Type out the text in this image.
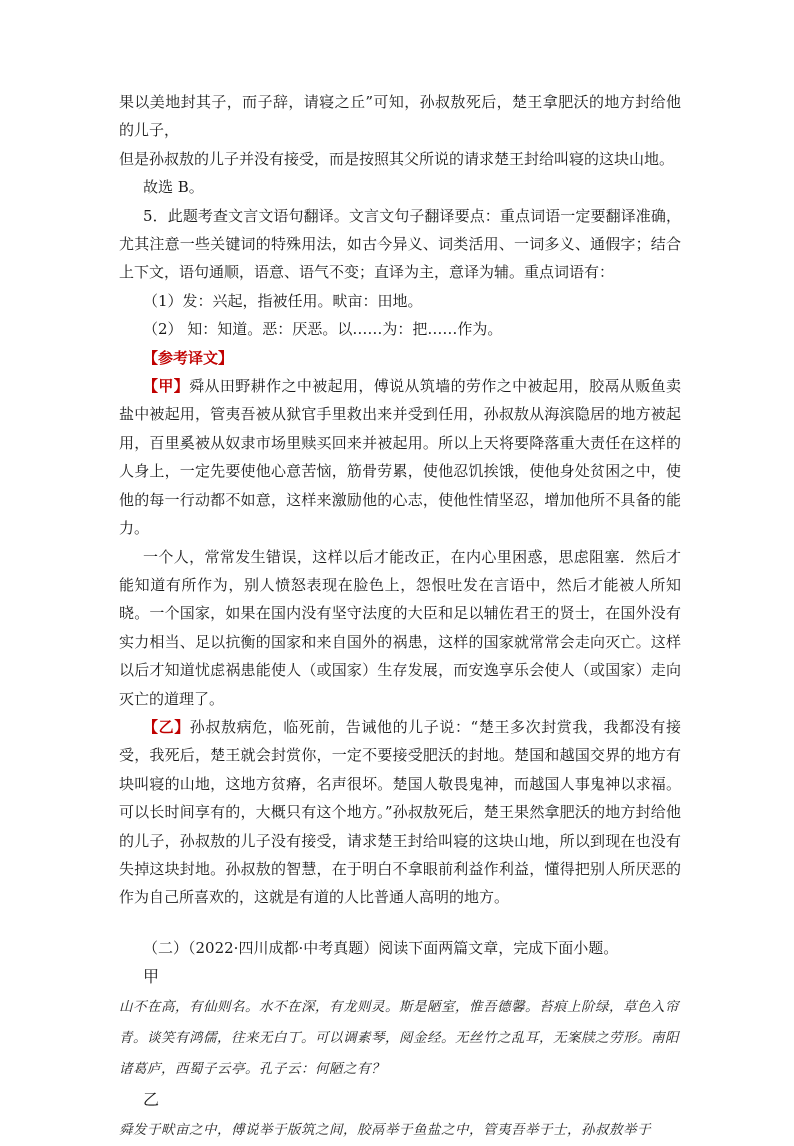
果以美地封其子，而子辞，请寝之丘”可知，孙叔敖死后，楚王拿肥沃的地方封给他的儿子，

但是孙叔敖的儿子并没有接受，而是按照其父所说的请求楚王封给叫寝的这块山地。

故选 B。

5．此题考查文言文语句翻译。文言文句子翻译要点：重点词语一定要翻译准确，尤其注意一些关键词的特殊用法，如古今异义、词类活用、一词多义、通假字；结合上下文，语句通顺，语意、语气不变；直译为主，意译为辅。重点词语有：

（1）发：兴起，指被任用。畎亩：田地。

（2） 知：知道。恶：厌恶。以……为：把……作为。

【参考译文】

【甲】舜从田野耕作之中被起用，傅说从筑墙的劳作之中被起用，胶鬲从贩鱼卖盐中被起用，管夷吾被从狱官手里救出来并受到任用，孙叔敖从海滨隐居的地方被起用，百里奚被从奴隶市场里赎买回来并被起用。所以上天将要降落重大责任在这样的人身上，一定先要使他心意苦恼，筋骨劳累，使他忍饥挨饿，使他身处贫困之中，使他的每一行动都不如意，这样来激励他的心志，使他性情坚忍，增加他所不具备的能力。

一个人，常常发生错误，这样以后才能改正，在内心里困惑，思虑阻塞．然后才能知道有所作为，别人愤怒表现在脸色上，怨恨吐发在言语中，然后才能被人所知晓。一个国家，如果在国内没有坚守法度的大臣和足以辅佐君王的贤士，在国外没有实力相当、足以抗衡的国家和来自国外的祸患，这样的国家就常常会走向灭亡。这样以后才知道忧虑祸患能使人（或国家）生存发展，而安逸享乐会使人（或国家）走向灭亡的道理了。

【乙】孙叔敖病危，临死前，告诫他的儿子说：“楚王多次封赏我，我都没有接受，我死后，楚王就会封赏你，一定不要接受肥沃的封地。楚国和越国交界的地方有块叫寝的山地，这地方贫瘠，名声很坏。楚国人敬畏鬼神，而越国人事鬼神以求福。可以长时间享有的，大概只有这个地方。”孙叔敖死后，楚王果然拿肥沃的地方封给他的儿子，孙叔敖的儿子没有接受，请求楚王封给叫寝的这块山地，所以到现在也没有失掉这块封地。孙叔敖的智慧，在于明白不拿眼前利益作利益，懂得把别人所厌恶的作为自己所喜欢的，这就是有道的人比普通人高明的地方。

（二）（2022·四川成都·中考真题）阅读下面两篇文章，完成下面小题。

甲

山不在高，有仙则名。水不在深，有龙则灵。斯是陋室，惟吾德馨。苔痕上阶绿，草色入帘青。谈笑有鸿儒，往来无白丁。可以调素琴，阅金经。无丝竹之乱耳，无案牍之劳形。南阳诸葛庐，西蜀子云亭。孔子云：何陋之有？

乙

舜发于畎亩之中，傅说举于版筑之间，胶鬲举于鱼盐之中，管夷吾举于士，孙叔敖举于
